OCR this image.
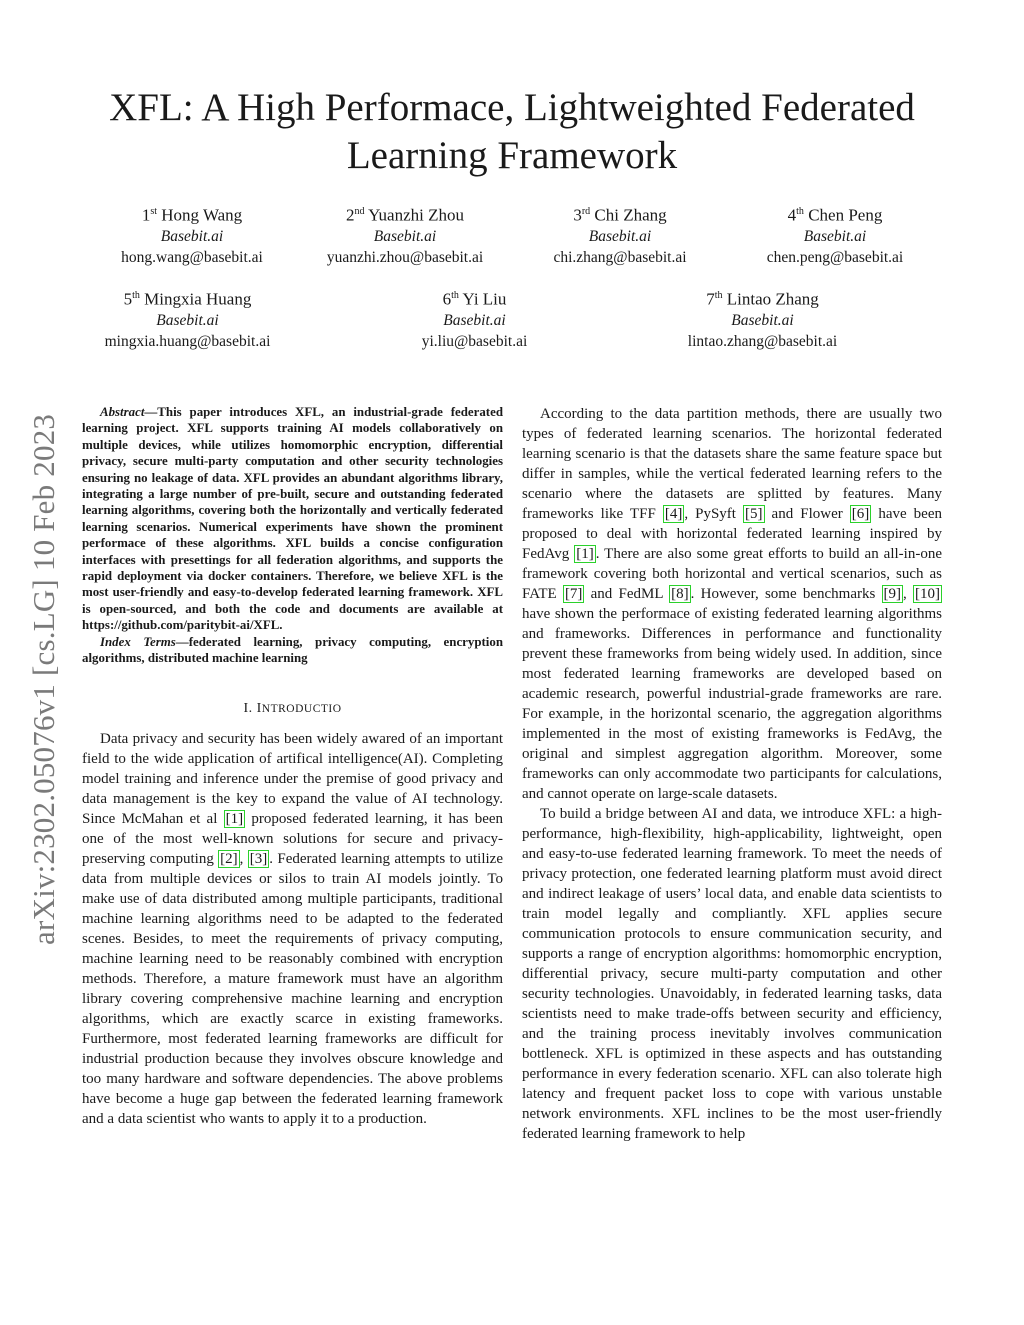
arXiv:2302.05076v1 [cs.LG] 10 Feb 2023
XFL: A High Performace, Lightweighted Federated Learning Framework
1st Hong Wang
Basebit.ai
hong.wang@basebit.ai
2nd Yuanzhi Zhou
Basebit.ai
yuanzhi.zhou@basebit.ai
3rd Chi Zhang
Basebit.ai
chi.zhang@basebit.ai
4th Chen Peng
Basebit.ai
chen.peng@basebit.ai
5th Mingxia Huang
Basebit.ai
mingxia.huang@basebit.ai
6th Yi Liu
Basebit.ai
yi.liu@basebit.ai
7th Lintao Zhang
Basebit.ai
lintao.zhang@basebit.ai

Abstract—This paper introduces XFL, an industrial-grade federated learning project. XFL supports training AI models collaboratively on multiple devices, while utilizes homomorphic encryption, differential privacy, secure multi-party computation and other security technologies ensuring no leakage of data. XFL provides an abundant algorithms library, integrating a large number of pre-built, secure and outstanding federated learning algorithms, covering both the horizontally and vertically federated learning scenarios. Numerical experiments have shown the prominent performace of these algorithms. XFL builds a concise configuration interfaces with presettings for all federation algorithms, and supports the rapid deployment via docker containers. Therefore, we believe XFL is the most user-friendly and easy-to-develop federated learning framework. XFL is open-sourced, and both the code and documents are available at https://github.com/paritybit-ai/XFL.

Index Terms—federated learning, privacy computing, encryption algorithms, distributed machine learning

I. INTRODUCTIO

Data privacy and security has been widely awared of an important field to the wide application of artifical intelligence(AI). Completing model training and inference under the premise of good privacy and data management is the key to expand the value of AI technology. Since McMahan et al [1] proposed federated learning, it has been one of the most well-known solutions for secure and privacy-preserving computing [2] , [3] . Federated learning attempts to utilize data from multiple devices or silos to train AI models jointly. To make use of data distributed among multiple participants, traditional machine learning algorithms need to be adapted to the federated scenes. Besides, to meet the requirements of privacy computing, machine learning need to be reasonably combined with encryption methods. Therefore, a mature framework must have an algorithm library covering comprehensive machine learning and encryption algorithms, which are exactly scarce in existing frameworks. Furthermore, most federated learning frameworks are difficult for industrial production because they involves obscure knowledge and too many hardware and software dependencies. The above problems have become a huge gap between the federated learning framework and a data scientist who wants to apply it to a production.

According to the data partition methods, there are usually two types of federated learning scenarios. The horizontal federated learning scenario is that the datasets share the same feature space but differ in samples, while the vertical federated learning refers to the scenario where the datasets are splitted by features. Many frameworks like TFF [4] , PySyft [5] and Flower [6] have been proposed to deal with horizontal federated learning inspired by FedAvg [1] . There are also some great efforts to build an all-in-one framework covering both horizontal and vertical scenarios, such as FATE [7] and FedML [8] . However, some benchmarks [9] , [10] have shown the performace of existing federated learning algorithms and frameworks. Differences in performance and functionality prevent these frameworks from being widely used. In addition, since most federated learning frameworks are developed based on academic research, powerful industrial-grade frameworks are rare. For example, in the horizontal scenario, the aggregation algorithms implemented in the most of existing frameworks is FedAvg, the original and simplest aggregation algorithm. Moreover, some frameworks can only accommodate two participants for calculations, and cannot operate on large-scale datasets.

To build a bridge between AI and data, we introduce XFL: a high-performance, high-flexibility, high-applicability, lightweight, open and easy-to-use federated learning framework. To meet the needs of privacy protection, one federated learning platform must avoid direct and indirect leakage of users’ local data, and enable data scientists to train model legally and compliantly. XFL applies secure communication protocols to ensure communication security, and supports a range of encryption algorithms: homomorphic encryption, differential privacy, secure multi-party computation and other security technologies. Unavoidably, in federated learning tasks, data scientists need to make trade-offs between security and efficiency, and the training process inevitably involves communication bottleneck. XFL is optimized in these aspects and has outstanding performance in every federation scenario. XFL can also tolerate high latency and frequent packet loss to cope with various unstable network environments. XFL inclines to be the most user-friendly federated learning framework to help
